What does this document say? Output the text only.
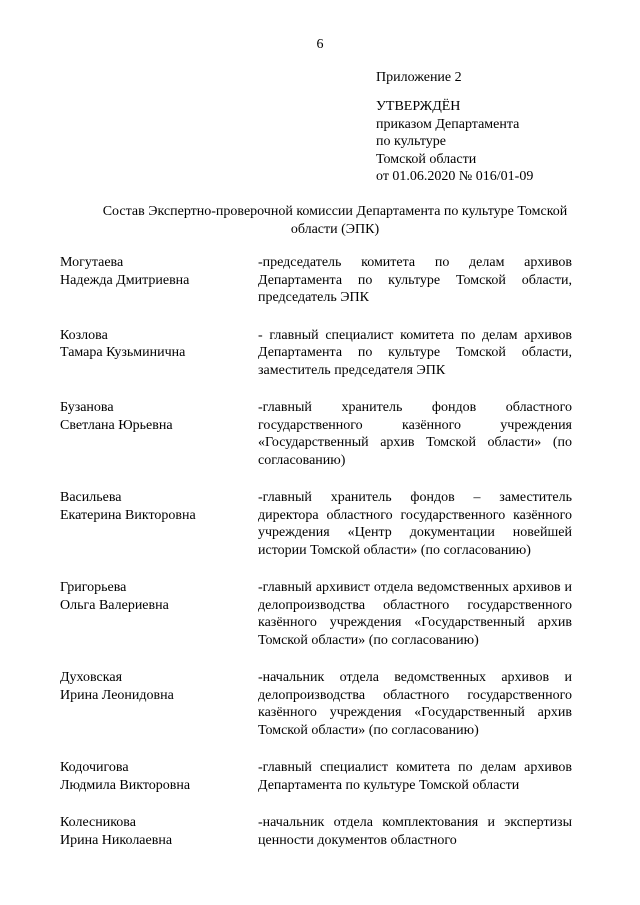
6
Приложение 2
УТВЕРЖДЁН
приказом Департамента
по культуре
Томской области
от 01.06.2020 № 016/01-09
Состав Экспертно-проверочной комиссии Департамента по культуре Томской области (ЭПК)
Могутаева
Надежда Дмитриевна
-председатель комитета по делам архивов Департамента по культуре Томской области, председатель ЭПК
Козлова
Тамара Кузьминична
- главный специалист комитета по делам архивов Департамента по культуре Томской области, заместитель председателя ЭПК
Бузанова
Светлана Юрьевна
-главный хранитель фондов областного государственного казённого учреждения «Государственный архив Томской области» (по согласованию)
Васильева
Екатерина Викторовна
-главный хранитель фондов – заместитель директора областного государственного казённого учреждения «Центр документации новейшей истории Томской области» (по согласованию)
Григорьева
Ольга Валериевна
-главный архивист отдела ведомственных архивов и делопроизводства областного государственного казённого учреждения «Государственный архив Томской области» (по согласованию)
Духовская
Ирина Леонидовна
-начальник отдела ведомственных архивов и делопроизводства областного государственного казённого учреждения «Государственный архив Томской области» (по согласованию)
Кодочигова
Людмила Викторовна
-главный специалист комитета по делам архивов Департамента по культуре Томской области
Колесникова
Ирина Николаевна
-начальник отдела комплектования и экспертизы ценности документов областного
